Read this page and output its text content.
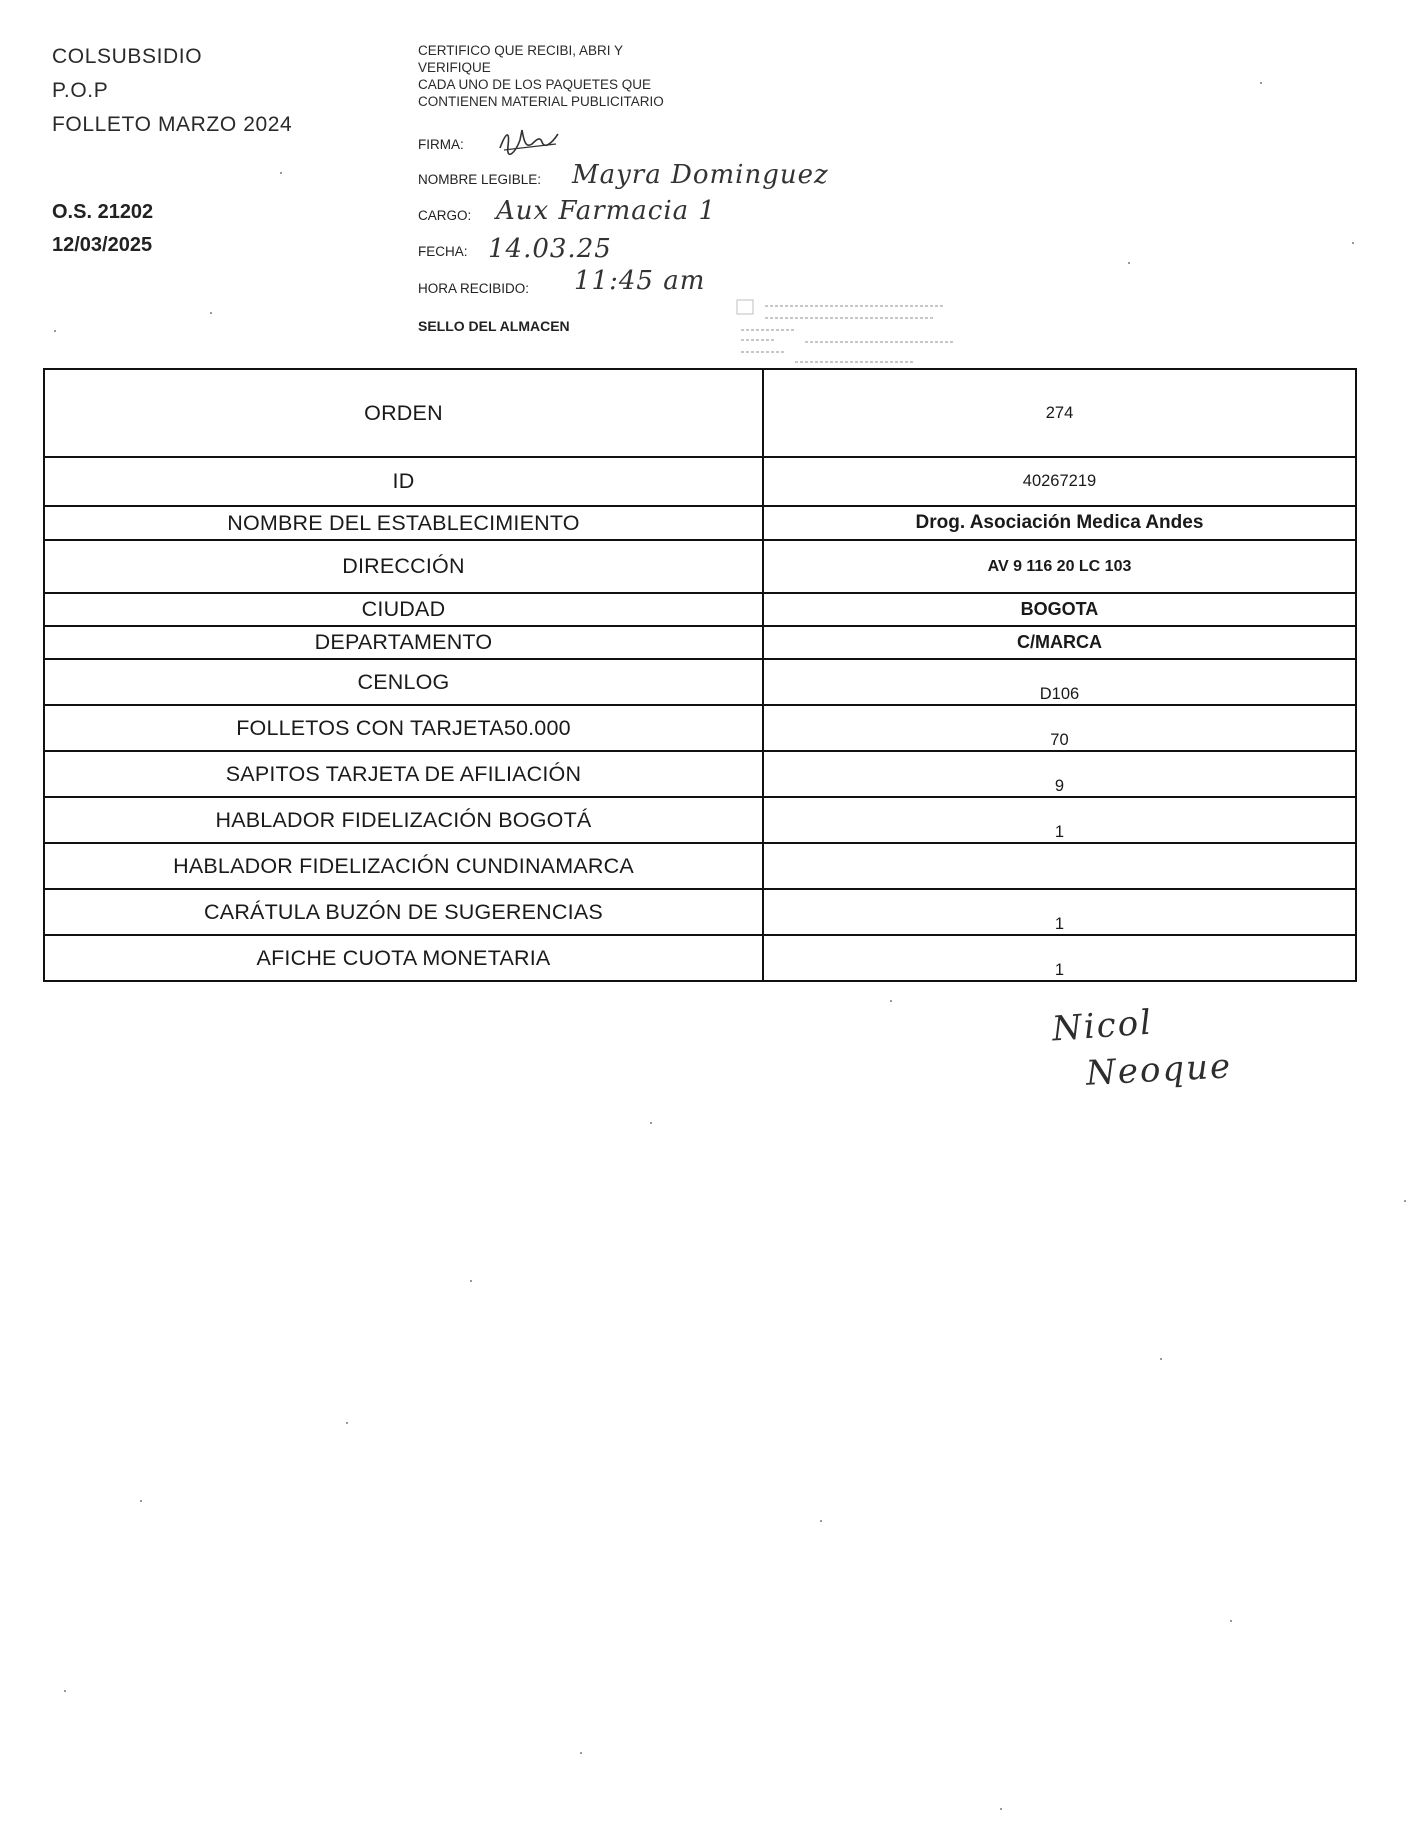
COLSUBSIDIO
P.O.P
FOLLETO MARZO 2024
O.S. 21202
12/03/2025
CERTIFICO QUE RECIBI, ABRI Y
VERIFIQUE
CADA UNO DE LOS PAQUETES QUE
CONTIENEN MATERIAL PUBLICITARIO
FIRMA:
NOMBRE LEGIBLE: Mayra Dominguez
CARGO: Aux Farmacia 1
FECHA: 14.03.25
HORA RECIBIDO: 11:45 am
SELLO DEL ALMACEN
ORDEN	274
ID	40267219
NOMBRE DEL ESTABLECIMIENTO	Drog. Asociación Medica Andes
DIRECCIÓN	AV 9 116 20 LC 103
CIUDAD	BOGOTA
DEPARTAMENTO	C/MARCA
CENLOG	D106
FOLLETOS CON TARJETA50.000	70
SAPITOS TARJETA DE AFILIACIÓN	9
HABLADOR FIDELIZACIÓN BOGOTÁ	1
HABLADOR FIDELIZACIÓN CUNDINAMARCA	
CARÁTULA BUZÓN DE SUGERENCIAS	1
AFICHE CUOTA MONETARIA	1
Nicol
Neoque
